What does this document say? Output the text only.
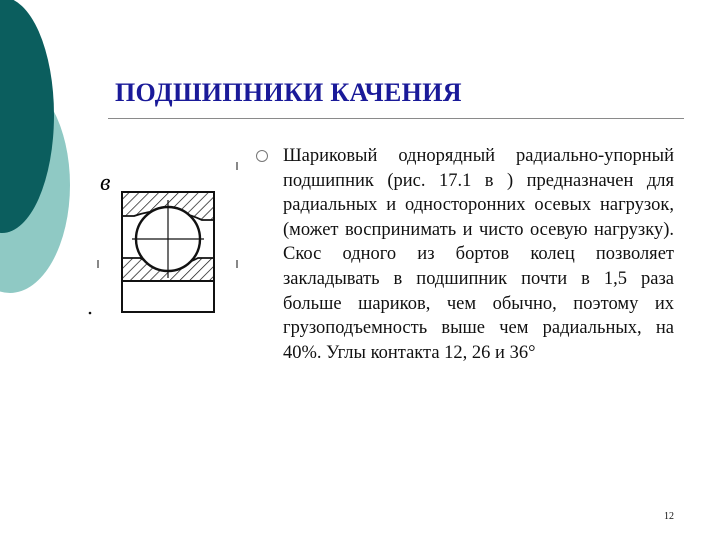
ПОДШИПНИКИ КАЧЕНИЯ
в
Шариковый однорядный радиально-упорный подшипник (рис. 17.1 в ) предназначен для радиальных и односторонних осевых нагрузок, (может воспринимать и чисто осевую нагрузку). Скос одного из бортов колец позволяет закладывать в подшипник почти в 1,5 раза больше шариков, чем обычно, поэтому их грузоподъемность выше чем радиальных, на 40%. Углы контакта 12, 26 и 36°
12
